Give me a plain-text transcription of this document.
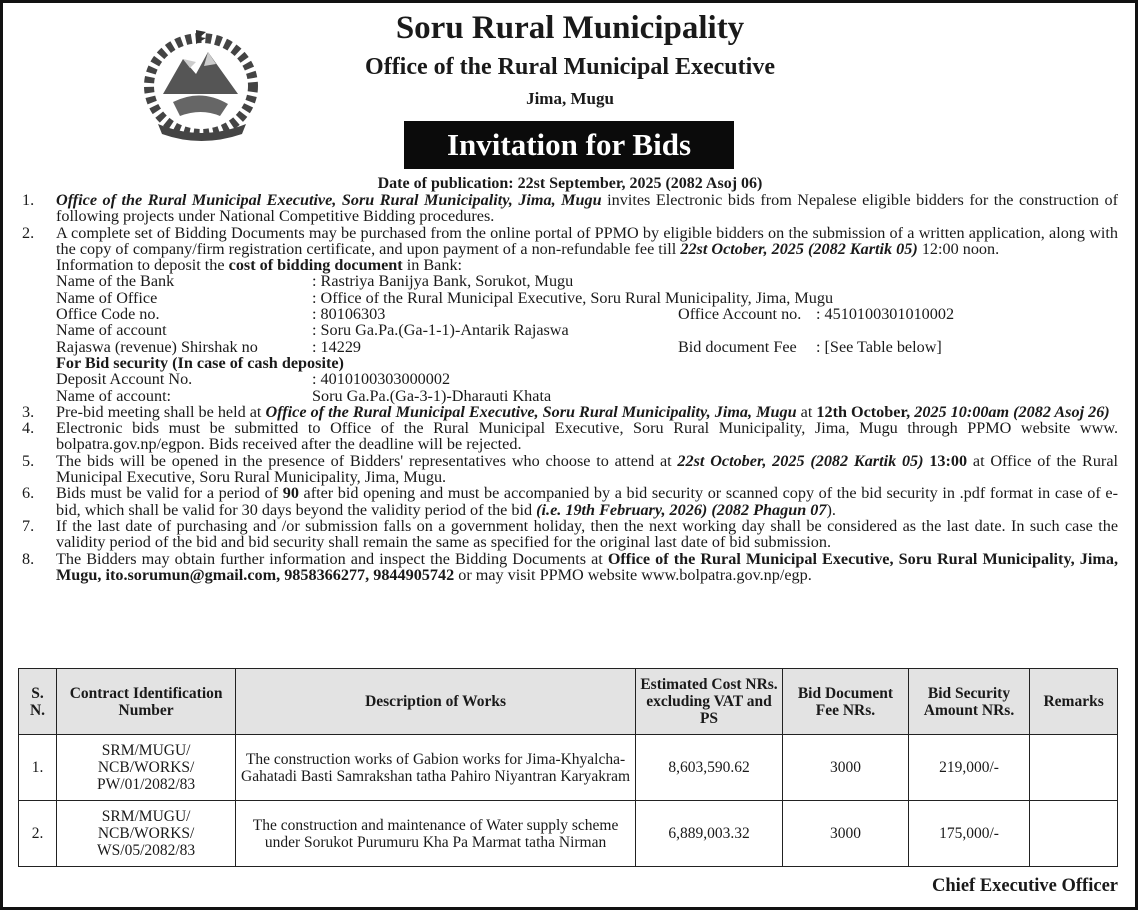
Soru Rural Municipality
Office of the Rural Municipal Executive
Jima, Mugu
Invitation for Bids
Date of publication: 22st September, 2025 (2082 Asoj 06)
1. Office of the Rural Municipal Executive, Soru Rural Municipality, Jima, Mugu invites Electronic bids from Nepalese eligible bidders for the construction of following projects under National Competitive Bidding procedures.
2. A complete set of Bidding Documents may be purchased from the online portal of PPMO by eligible bidders on the submission of a written application, along with the copy of company/firm registration certificate, and upon payment of a non-refundable fee till 22st October, 2025 (2082 Kartik 05) 12:00 noon.
Information to deposit the cost of bidding document in Bank:
Name of the Bank	: Rastriya Banijya Bank, Sorukot, Mugu
Name of Office	: Office of the Rural Municipal Executive, Soru Rural Municipality, Jima, Mugu
Office Code no.	: 80106303	Office Account no. : 4510100301010002
Name of account	: Soru Ga.Pa.(Ga-1-1)-Antarik Rajaswa
Rajaswa (revenue) Shirshak no	: 14229	Bid document Fee : [See Table below]
For Bid security (In case of cash deposite)
Deposit Account No.	: 4010100303000002
Name of account:	Soru Ga.Pa.(Ga-3-1)-Dharauti Khata
3. Pre-bid meeting shall be held at Office of the Rural Municipal Executive, Soru Rural Municipality, Jima, Mugu at 12th October, 2025 10:00am (2082 Asoj 26)
4. Electronic bids must be submitted to Office of the Rural Municipal Executive, Soru Rural Municipality, Jima, Mugu through PPMO website www. bolpatra.gov.np/egpon. Bids received after the deadline will be rejected.
5. The bids will be opened in the presence of Bidders' representatives who choose to attend at 22st October, 2025 (2082 Kartik 05) 13:00 at Office of the Rural Municipal Executive, Soru Rural Municipality, Jima, Mugu.
6. Bids must be valid for a period of 90 after bid opening and must be accompanied by a bid security or scanned copy of the bid security in .pdf format in case of e-bid, which shall be valid for 30 days beyond the validity period of the bid (i.e. 19th February, 2026) (2082 Phagun 07).
7. If the last date of purchasing and /or submission falls on a government holiday, then the next working day shall be considered as the last date. In such case the validity period of the bid and bid security shall remain the same as specified for the original last date of bid submission.
8. The Bidders may obtain further information and inspect the Bidding Documents at Office of the Rural Municipal Executive, Soru Rural Municipality, Jima, Mugu, ito.sorumun@gmail.com, 9858366277, 9844905742 or may visit PPMO website www.bolpatra.gov.np/egp.
S. N.	Contract Identification Number	Description of Works	Estimated Cost NRs. excluding VAT and PS	Bid Document Fee NRs.	Bid Security Amount NRs.	Remarks
1.	SRM/MUGU/ NCB/WORKS/ PW/01/2082/83	The construction works of Gabion works for Jima-Khyalcha-Gahatadi Basti Samrakshan tatha Pahiro Niyantran Karyakram	8,603,590.62	3000	219,000/-	
2.	SRM/MUGU/ NCB/WORKS/ WS/05/2082/83	The construction and maintenance of Water supply scheme under Sorukot Purumuru Kha Pa Marmat tatha Nirman	6,889,003.32	3000	175,000/-	
Chief Executive Officer
